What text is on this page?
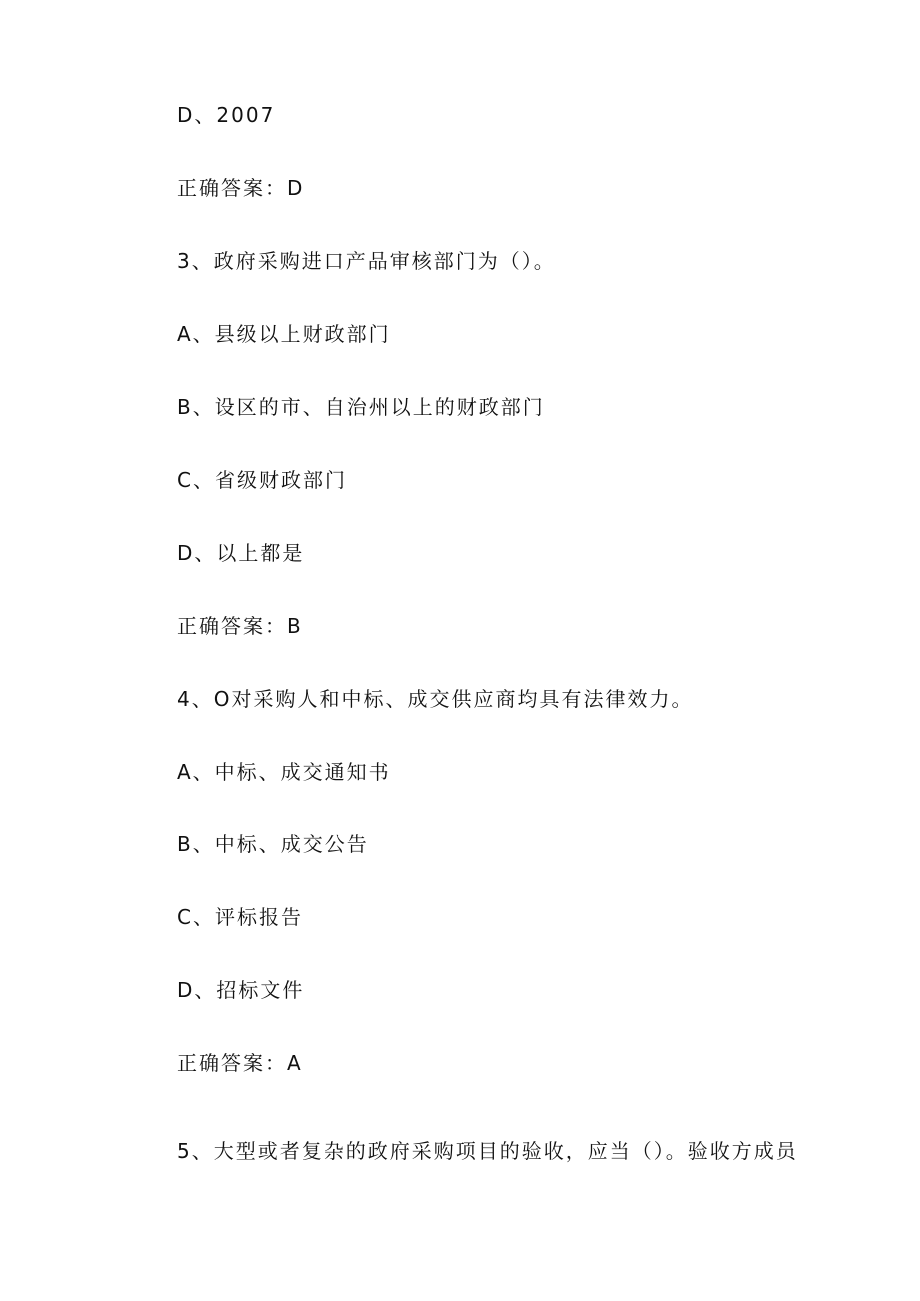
D、2007
正确答案：D
3、政府采购进口产品审核部门为（）。
A、县级以上财政部门
B、设区的市、自治州以上的财政部门
C、省级财政部门
D、以上都是
正确答案：B
4、O对采购人和中标、成交供应商均具有法律效力。
A、中标、成交通知书
B、中标、成交公告
C、评标报告
D、招标文件
正确答案：A
5、大型或者复杂的政府采购项目的验收，应当（）。验收方成员
